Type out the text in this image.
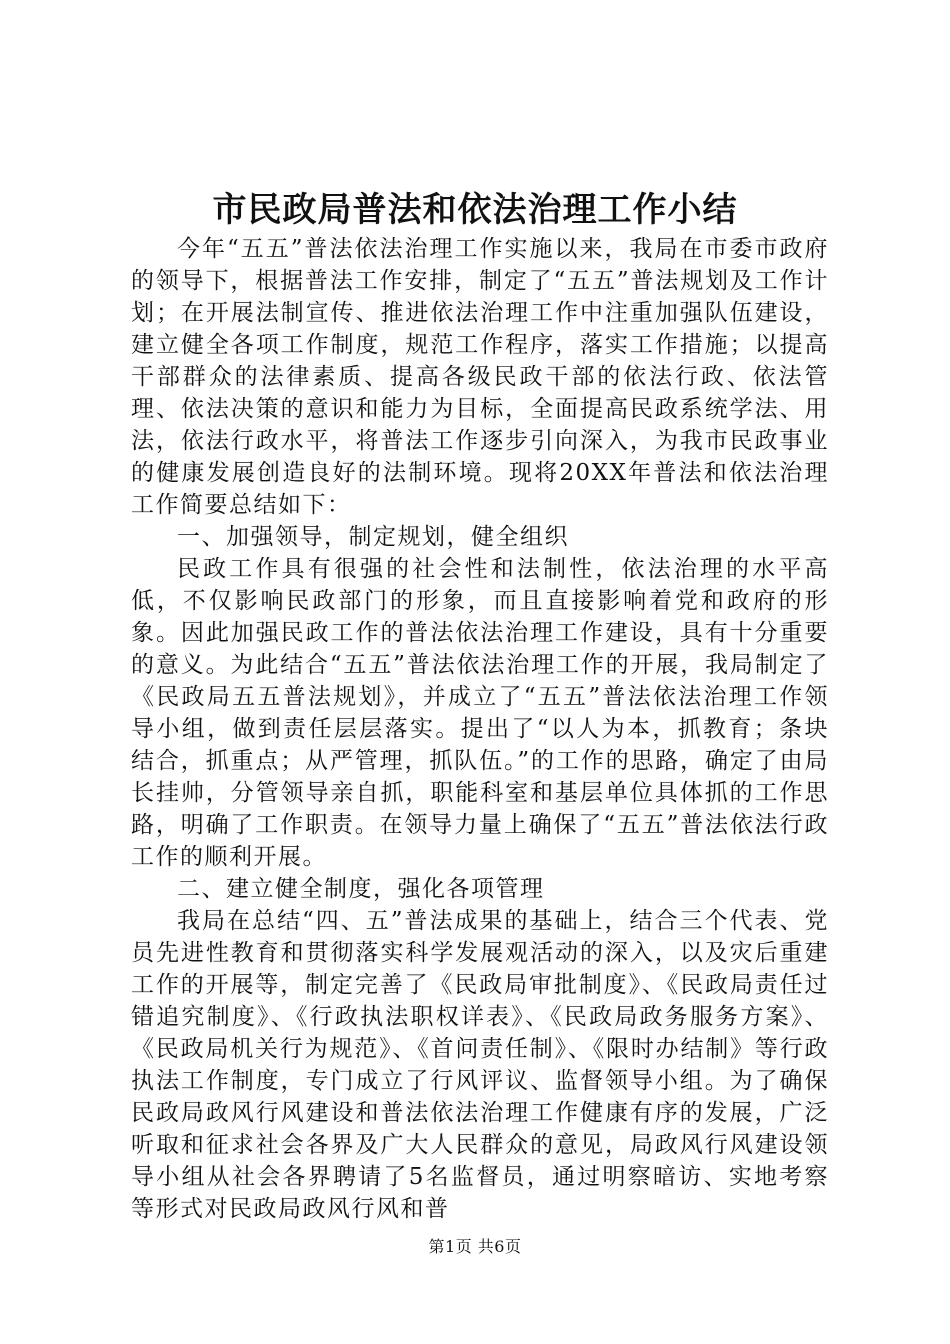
市民政局普法和依法治理工作小结

今年“五五”普法依法治理工作实施以来，我局在市委市政府的领导下，根据普法工作安排，制定了“五五”普法规划及工作计划；在开展法制宣传、推进依法治理工作中注重加强队伍建设，建立健全各项工作制度，规范工作程序，落实工作措施；以提高干部群众的法律素质、提高各级民政干部的依法行政、依法管理、依法决策的意识和能力为目标，全面提高民政系统学法、用法，依法行政水平，将普法工作逐步引向深入，为我市民政事业的健康发展创造良好的法制环境。现将20XX年普法和依法治理工作简要总结如下：

一、加强领导，制定规划，健全组织

民政工作具有很强的社会性和法制性，依法治理的水平高低，不仅影响民政部门的形象，而且直接影响着党和政府的形象。因此加强民政工作的普法依法治理工作建设，具有十分重要的意义。为此结合“五五”普法依法治理工作的开展，我局制定了《民政局五五普法规划》，并成立了“五五”普法依法治理工作领导小组，做到责任层层落实。提出了“以人为本，抓教育；条块结合，抓重点；从严管理，抓队伍。”的工作的思路，确定了由局长挂帅，分管领导亲自抓，职能科室和基层单位具体抓的工作思路，明确了工作职责。在领导力量上确保了“五五”普法依法行政工作的顺利开展。

二、建立健全制度，强化各项管理

我局在总结“四、五”普法成果的基础上，结合三个代表、党员先进性教育和贯彻落实科学发展观活动的深入，以及灾后重建工作的开展等，制定完善了《民政局审批制度》、《民政局责任过错追究制度》、《行政执法职权详表》、《民政局政务服务方案》、《民政局机关行为规范》、《首问责任制》、《限时办结制》等行政执法工作制度，专门成立了行风评议、监督领导小组。为了确保民政局政风行风建设和普法依法治理工作健康有序的发展，广泛听取和征求社会各界及广大人民群众的意见，局政风行风建设领导小组从社会各界聘请了5名监督员，通过明察暗访、实地考察等形式对民政局政风行风和普

第1页 共6页
